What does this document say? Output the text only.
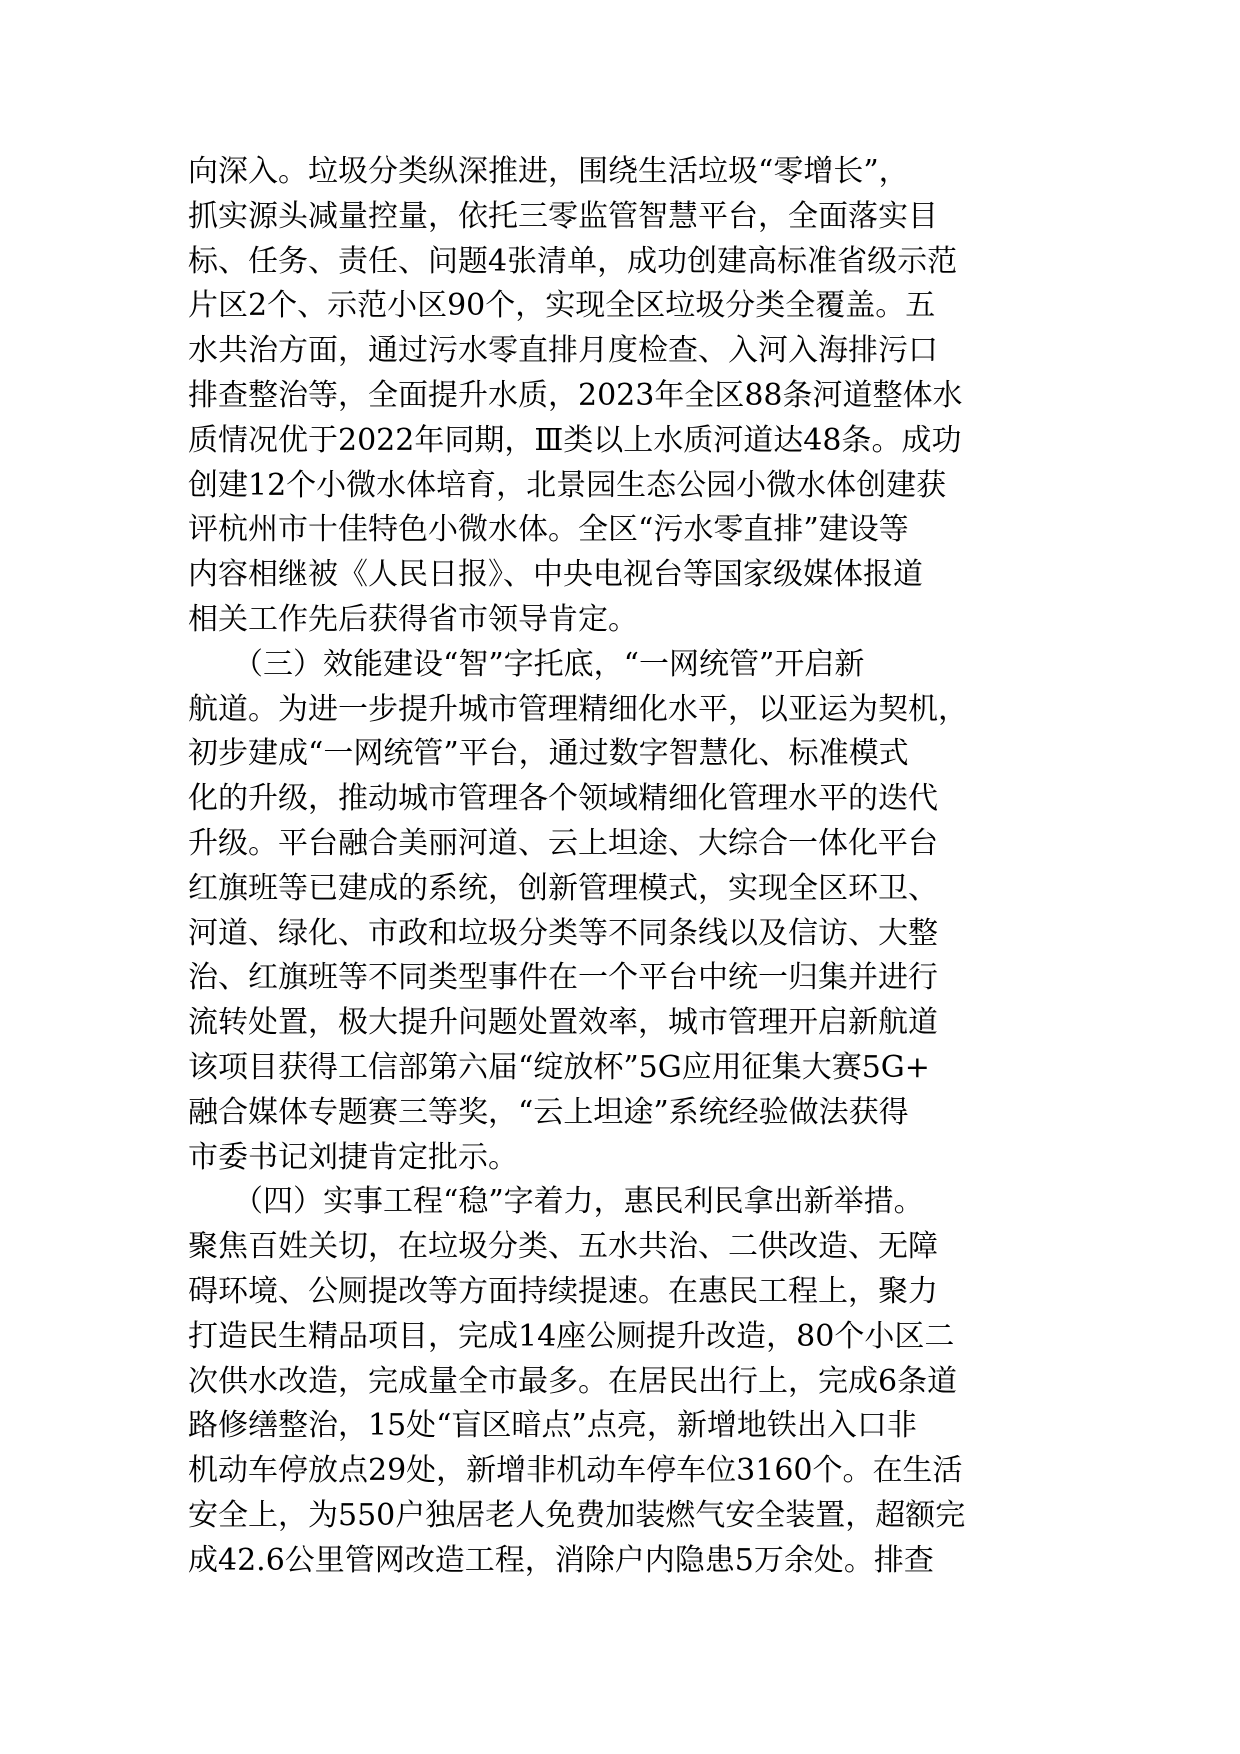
向深入。垃圾分类纵深推进，围绕生活垃圾“零增长”，
抓实源头减量控量，依托三零监管智慧平台，全面落实目
标、任务、责任、问题4张清单，成功创建高标准省级示范
片区2个、示范小区90个，实现全区垃圾分类全覆盖。五
水共治方面，通过污水零直排月度检查、入河入海排污口
排查整治等，全面提升水质，2023年全区88条河道整体水
质情况优于2022年同期，Ⅲ类以上水质河道达48条。成功
创建12个小微水体培育，北景园生态公园小微水体创建获
评杭州市十佳特色小微水体。全区“污水零直排”建设等
内容相继被《人民日报》、中央电视台等国家级媒体报道
相关工作先后获得省市领导肯定。
　　（三）效能建设“智”字托底，“一网统管”开启新
航道。为进一步提升城市管理精细化水平，以亚运为契机，
初步建成“一网统管”平台，通过数字智慧化、标准模式
化的升级，推动城市管理各个领域精细化管理水平的迭代
升级。平台融合美丽河道、云上坦途、大综合一体化平台
红旗班等已建成的系统，创新管理模式，实现全区环卫、
河道、绿化、市政和垃圾分类等不同条线以及信访、大整
治、红旗班等不同类型事件在一个平台中统一归集并进行
流转处置，极大提升问题处置效率，城市管理开启新航道
该项目获得工信部第六届“绽放杯”5G应用征集大赛5G+
融合媒体专题赛三等奖，“云上坦途”系统经验做法获得
市委书记刘捷肯定批示。
　　（四）实事工程“稳”字着力，惠民利民拿出新举措。
聚焦百姓关切，在垃圾分类、五水共治、二供改造、无障
碍环境、公厕提改等方面持续提速。在惠民工程上，聚力
打造民生精品项目，完成14座公厕提升改造，80个小区二
次供水改造，完成量全市最多。在居民出行上，完成6条道
路修缮整治，15处“盲区暗点”点亮，新增地铁出入口非
机动车停放点29处，新增非机动车停车位3160个。在生活
安全上，为550户独居老人免费加装燃气安全装置，超额完
成42.6公里管网改造工程，消除户内隐患5万余处。排查
